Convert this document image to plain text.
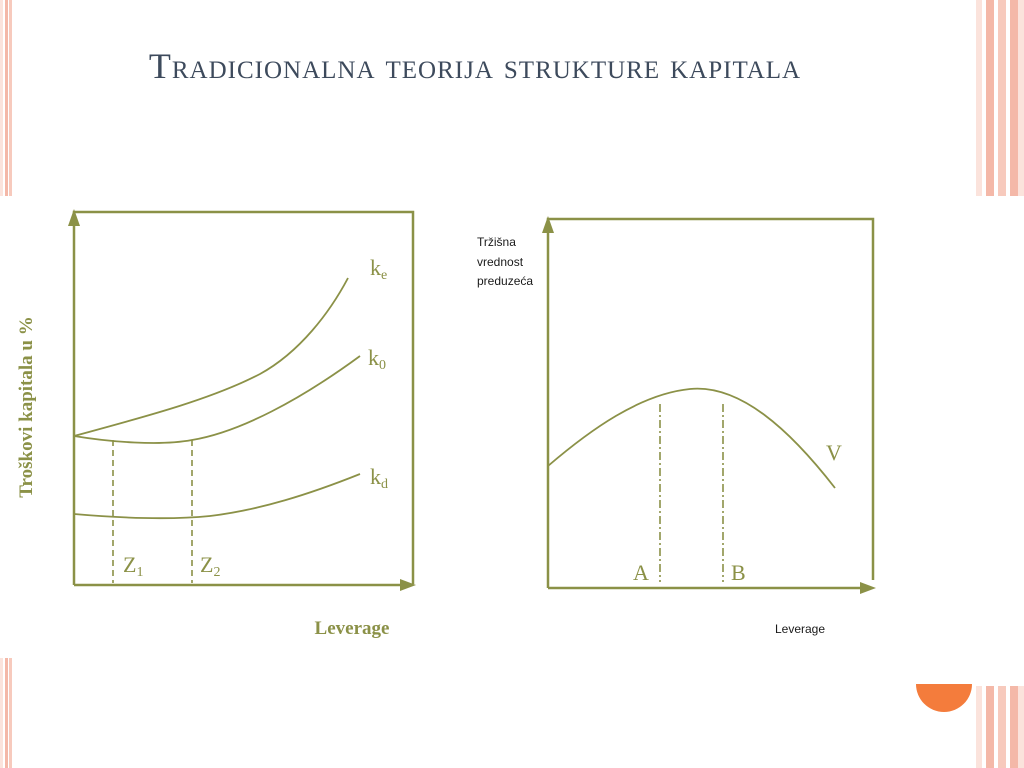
Tradicionalna teorija strukture kapitala
ke
k0
kd
Z1	Z2
Troškovi kapitala u %
Leverage
V
A	B
Tržišna
vrednost
preduzeća
Leverage
